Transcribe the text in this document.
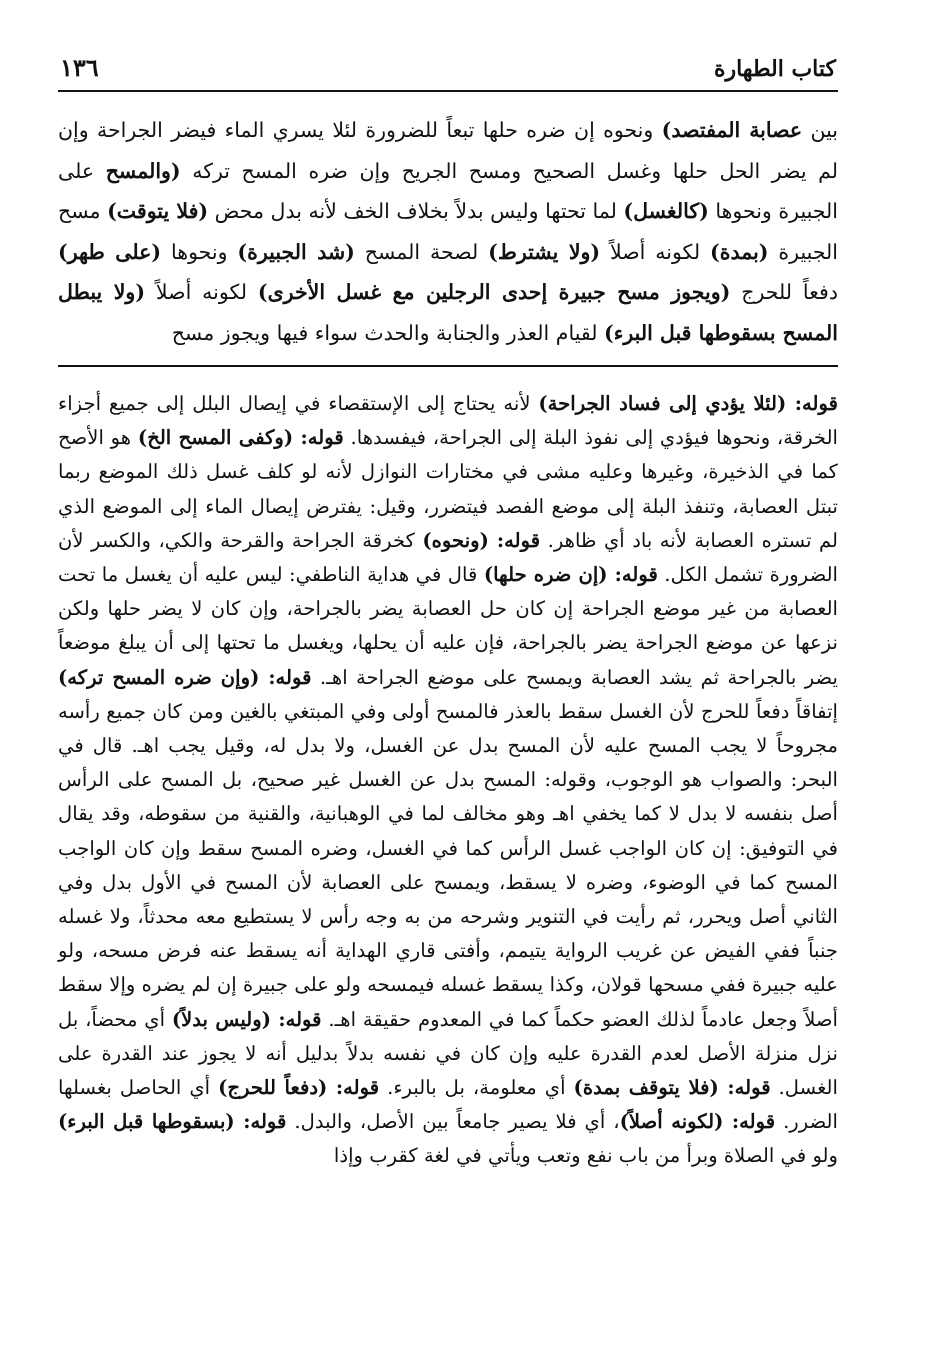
كتاب الطهارة
١٣٦
بين عصابة المفتصد) ونحوه إن ضره حلها تبعاً للضرورة لئلا يسري الماء فيضر الجراحة وإن لم يضر الحل حلها وغسل الصحيح ومسح الجريح وإن ضره المسح تركه (والمسح على الجبيرة ونحوها (كالغسل) لما تحتها وليس بدلاً بخلاف الخف لأنه بدل محض (فلا يتوقت) مسح الجبيرة (بمدة) لكونه أصلاً (ولا يشترط) لصحة المسح (شد الجبيرة) ونحوها (على طهر) دفعاً للحرج (ويجوز مسح جبيرة إحدى الرجلين مع غسل الأخرى) لكونه أصلاً (ولا يبطل المسح بسقوطها قبل البرء) لقيام العذر والجنابة والحدث سواء فيها ويجوز مسح
قوله: (لئلا يؤدي إلى فساد الجراحة) لأنه يحتاج إلى الإستقصاء في إيصال البلل إلى جميع أجزاء الخرقة، ونحوها فيؤدي إلى نفوذ البلة إلى الجراحة، فيفسدها. قوله: (وكفى المسح الخ) هو الأصح كما في الذخيرة، وغيرها وعليه مشى في مختارات النوازل لأنه لو كلف غسل ذلك الموضع ربما تبتل العصابة، وتنفذ البلة إلى موضع الفصد فيتضرر، وقيل: يفترض إيصال الماء إلى الموضع الذي لم تستره العصابة لأنه باد أي ظاهر. قوله: (ونحوه) كخرقة الجراحة والقرحة والكي، والكسر لأن الضرورة تشمل الكل. قوله: (إن ضره حلها) قال في هداية الناطفي: ليس عليه أن يغسل ما تحت العصابة من غير موضع الجراحة إن كان حل العصابة يضر بالجراحة، وإن كان لا يضر حلها ولكن نزعها عن موضع الجراحة يضر بالجراحة، فإن عليه أن يحلها، ويغسل ما تحتها إلى أن يبلغ موضعاً يضر بالجراحة ثم يشد العصابة ويمسح على موضع الجراحة اهـ. قوله: (وإن ضره المسح تركه) إتفاقاً دفعاً للحرج لأن الغسل سقط بالعذر فالمسح أولى وفي المبتغي بالغين ومن كان جميع رأسه مجروحاً لا يجب المسح عليه لأن المسح بدل عن الغسل، ولا بدل له، وقيل يجب اهـ. قال في البحر: والصواب هو الوجوب، وقوله: المسح بدل عن الغسل غير صحيح، بل المسح على الرأس أصل بنفسه لا بدل لا كما يخفي اهـ وهو مخالف لما في الوهبانية، والقنية من سقوطه، وقد يقال في التوفيق: إن كان الواجب غسل الرأس كما في الغسل، وضره المسح سقط وإن كان الواجب المسح كما في الوضوء، وضره لا يسقط، ويمسح على العصابة لأن المسح في الأول بدل وفي الثاني أصل ويحرر، ثم رأيت في التنوير وشرحه من به وجه رأس لا يستطيع معه محدثاً، ولا غسله جنباً ففي الفيض عن غريب الرواية يتيمم، وأفتى قاري الهداية أنه يسقط عنه فرض مسحه، ولو عليه جبيرة ففي مسحها قولان، وكذا يسقط غسله فيمسحه ولو على جبيرة إن لم يضره وإلا سقط أصلاً وجعل عادماً لذلك العضو حكماً كما في المعدوم حقيقة اهـ. قوله: (وليس بدلاً) أي محضاً، بل نزل منزلة الأصل لعدم القدرة عليه وإن كان في نفسه بدلاً بدليل أنه لا يجوز عند القدرة على الغسل. قوله: (فلا يتوقف بمدة) أي معلومة، بل بالبرء. قوله: (دفعاً للحرج) أي الحاصل بغسلها الضرر. قوله: (لكونه أصلاً)، أي فلا يصير جامعاً بين الأصل، والبدل. قوله: (بسقوطها قبل البرء) ولو في الصلاة وبرأ من باب نفع وتعب ويأتي في لغة كقرب وإذا
